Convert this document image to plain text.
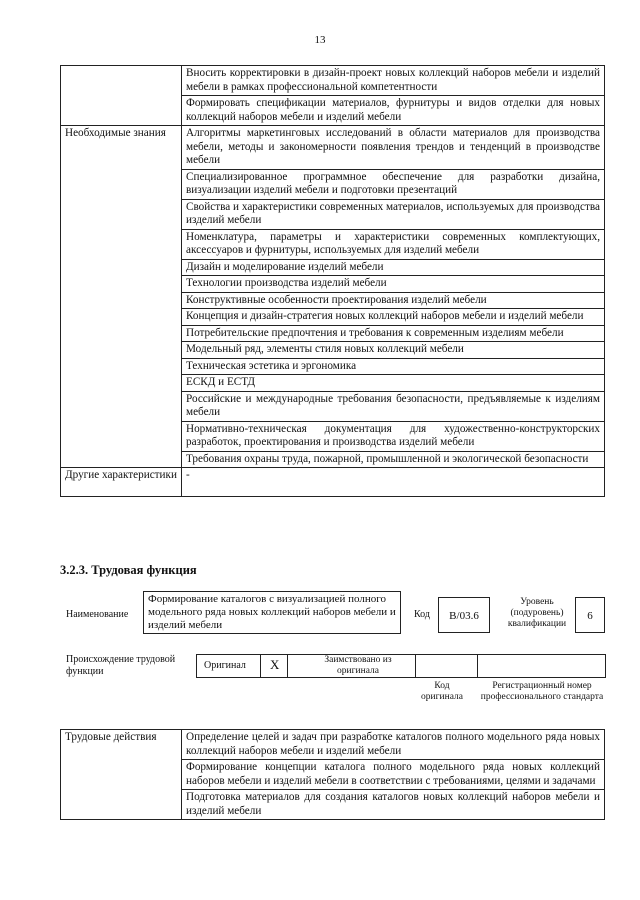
13
	Вносить корректировки в дизайн-проект новых коллекций наборов мебели и изделий мебели в рамках профессиональной компетентности
	Формировать спецификации материалов, фурнитуры и видов отделки для новых коллекций наборов мебели и изделий мебели
Необходимые знания	Алгоритмы маркетинговых исследований в области материалов для производства мебели, методы и закономерности появления трендов и тенденций в производстве мебели
	Специализированное программное обеспечение для разработки дизайна, визуализации изделий мебели и подготовки презентаций
	Свойства и характеристики современных материалов, используемых для производства изделий мебели
	Номенклатура, параметры и характеристики современных комплектующих, аксессуаров и фурнитуры, используемых для изделий мебели
	Дизайн и моделирование изделий мебели
	Технологии производства изделий мебели
	Конструктивные особенности проектирования изделий мебели
	Концепция и дизайн-стратегия новых коллекций наборов мебели и изделий мебели
	Потребительские предпочтения и требования к современным изделиям мебели
	Модельный ряд, элементы стиля новых коллекций мебели
	Техническая эстетика и эргономика
	ЕСКД и ЕСТД
	Российские и международные требования безопасности, предъявляемые к изделиям мебели
	Нормативно-техническая документация для художественно-конструкторских разработок, проектирования и производства изделий мебели
	Требования охраны труда, пожарной, промышленной и экологической безопасности
Другие характеристики	-
3.2.3. Трудовая функция
Наименование
Формирование каталогов с визуализацией полного модельного ряда новых коллекций наборов мебели и изделий мебели
Код	В/03.6
Уровень (подуровень) квалификации
6
Происхождение трудовой функции
Оригинал X	Заимствовано из оригинала
Код оригинала
Регистрационный номер профессионального стандарта
Трудовые действия	Определение целей и задач при разработке каталогов полного модельного ряда новых коллекций наборов мебели и изделий мебели
Формирование концепции каталога полного модельного ряда новых коллекций наборов мебели и изделий мебели в соответствии с требованиями, целями и задачами
Подготовка материалов для создания каталогов новых коллекций наборов мебели и изделий мебели
